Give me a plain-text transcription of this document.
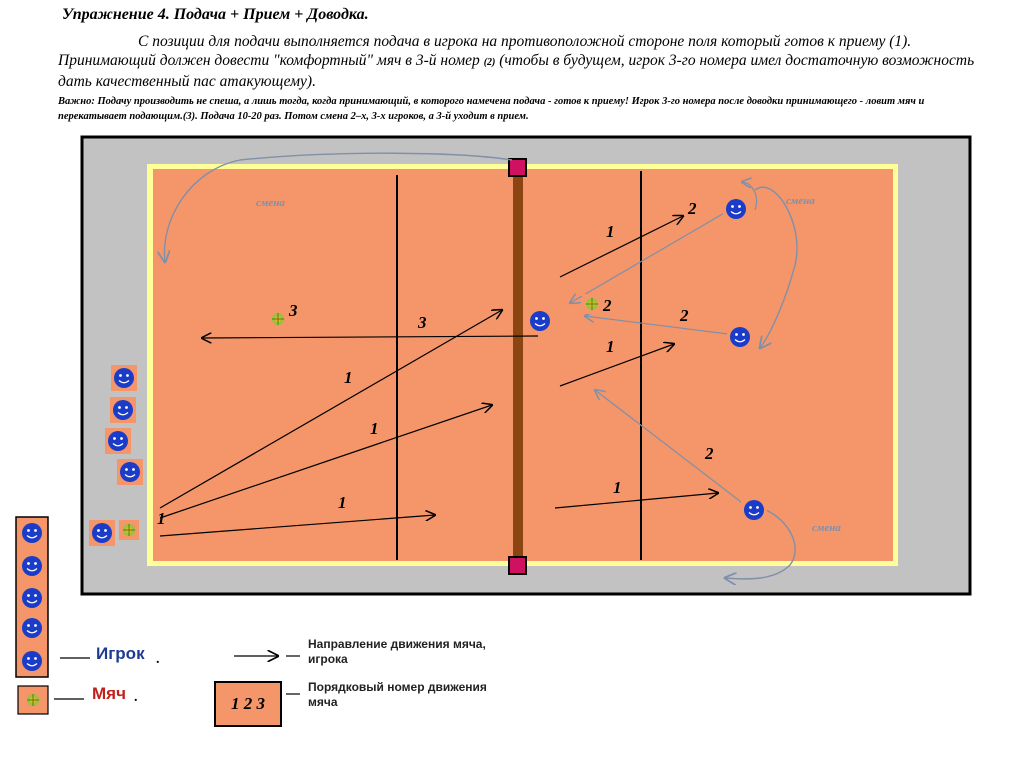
Упражнение 4. Подача + Прием + Доводка.
С позиции для подачи выполняется подача в игрока на противоположной стороне поля который готов к приему (1). Принимающий должен довести "комфортный" мяч в 3-й номер (2) (чтобы в будущем, игрок 3-го номера имел достаточную возможность дать качественный пас атакующему).
Важно: Подачу производить не спеша, а лишь тогда, когда принимающий, в которого намечена подача - готов к приему! Игрок 3-го номера после доводки принимающего - ловит мяч и перекатывает подающим.(3). Подача 10-20 раз. Потом смена 2–х, 3-х игроков, а 3-й уходит в прием.
1
1
1
1
3
3	2
1
2
1
2
1
2
смена	смена
смена
Игрок .
Мяч .
Направление движения мяча, игрока
Порядковый номер движения мяча
1 2 3
